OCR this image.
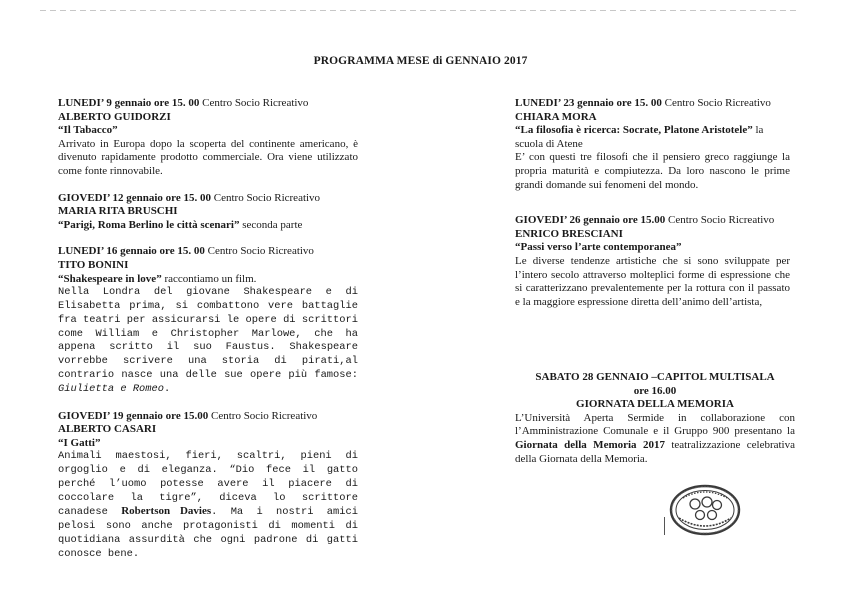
PROGRAMMA MESE di GENNAIO 2017
LUNEDI’ 9 gennaio ore 15. 00 Centro Socio Ricreativo
ALBERTO GUIDORZI
“Il Tabacco”
Arrivato in Europa dopo la scoperta del continente americano, è divenuto rapidamente prodotto commerciale. Ora viene utilizzato come fonte rinnovabile.
GIOVEDI’ 12 gennaio ore 15. 00 Centro Socio Ricreativo
MARIA RITA BRUSCHI
“Parigi, Roma Berlino le città scenari” seconda parte
LUNEDI’ 16 gennaio ore 15. 00 Centro Socio Ricreativo
TITO BONINI
“Shakespeare in love” raccontiamo un film.
Nella Londra del giovane Shakespeare e di Elisabetta prima, si combattono vere battaglie fra teatri per assicurarsi le opere di scrittori come William e Christopher Marlowe, che ha appena scritto il suo Faustus. Shakespeare vorrebbe scrivere una storia di pirati,al contrario nasce una delle sue opere più famose: Giulietta e Romeo.
GIOVEDI’ 19 gennaio ore 15.00 Centro Socio Ricreativo
ALBERTO CASARI
“I Gatti”
Animali maestosi, fieri, scaltri, pieni di orgoglio e di eleganza. “Dio fece il gatto perché l’uomo potesse avere il piacere di coccolare la tigre”, diceva lo scrittore canadese Robertson Davies. Ma i nostri amici pelosi sono anche protagonisti di momenti di quotidiana assurdità che ogni padrone di gatti conosce bene.
LUNEDI’ 23 gennaio ore 15. 00 Centro Socio Ricreativo
CHIARA MORA
“La filosofia è ricerca: Socrate, Platone Aristotele” la scuola di Atene
E’ con questi tre filosofi che il pensiero greco raggiunge la propria maturità e compiutezza. Da loro nascono le prime grandi domande sui fenomeni del mondo.
GIOVEDI’ 26 gennaio ore 15.00 Centro Socio Ricreativo
ENRICO BRESCIANI
“Passi verso l’arte contemporanea”
Le diverse tendenze artistiche che si sono sviluppate per l’intero secolo attraverso molteplici forme di espressione che si caratterizzano prevalentemente per la rottura con il passato e la maggiore espressione diretta dell’animo dell’artista,
SABATO 28 GENNAIO –CAPITOL MULTISALA
ore 16.00
GIORNATA DELLA MEMORIA
L’Università Aperta Sermide in collaborazione con l’Amministrazione Comunale e il Gruppo 900 presentano la Giornata della Memoria 2017 teatralizzazione celebrativa della Giornata della Memoria.
